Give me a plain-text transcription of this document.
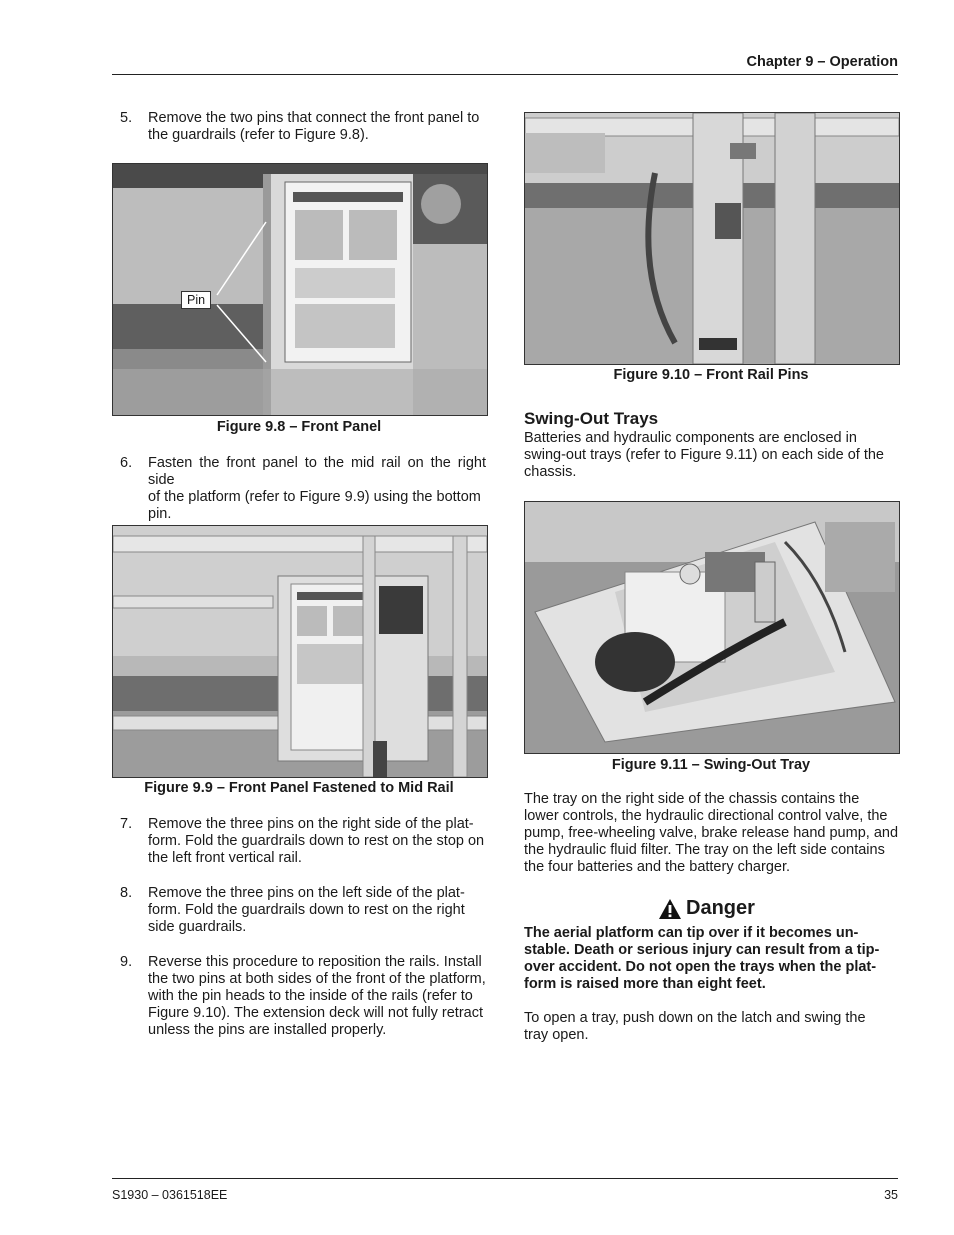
Chapter 9 – Operation
5. Remove the two pins that connect the front panel to
the guardrails (refer to Figure 9.8).
Pin
Figure 9.8 – Front Panel
6. Fasten the front panel to the mid rail on the right side
of the platform (refer to Figure 9.9) using the bottom
pin.
Figure 9.9 – Front Panel Fastened to Mid Rail
7. Remove the three pins on the right side of the plat-
form. Fold the guardrails down to rest on the stop on
the left front vertical rail.
8. Remove the three pins on the left side of the plat-
form. Fold the guardrails down to rest on the right
side guardrails.
9. Reverse this procedure to reposition the rails. Install
the two pins at both sides of the front of the platform,
with the pin heads to the inside of the rails (refer to
Figure 9.10). The extension deck will not fully retract
unless the pins are installed properly.
Figure 9.10 – Front Rail Pins
Swing-Out Trays
Batteries and hydraulic components are enclosed in
swing-out trays (refer to Figure 9.11) on each side of the
chassis.
Figure 9.11 – Swing-Out Tray
The tray on the right side of the chassis contains the
lower controls, the hydraulic directional control valve, the
pump, free-wheeling valve, brake release hand pump, and
the hydraulic fluid filter. The tray on the left side contains
the four batteries and the battery charger.
Danger
The aerial platform can tip over if it becomes un-
stable. Death or serious injury can result from a tip-
over accident. Do not open the trays when the plat-
form is raised more than eight feet.
To open a tray, push down on the latch and swing the
tray open.
S1930 – 0361518EE	35
